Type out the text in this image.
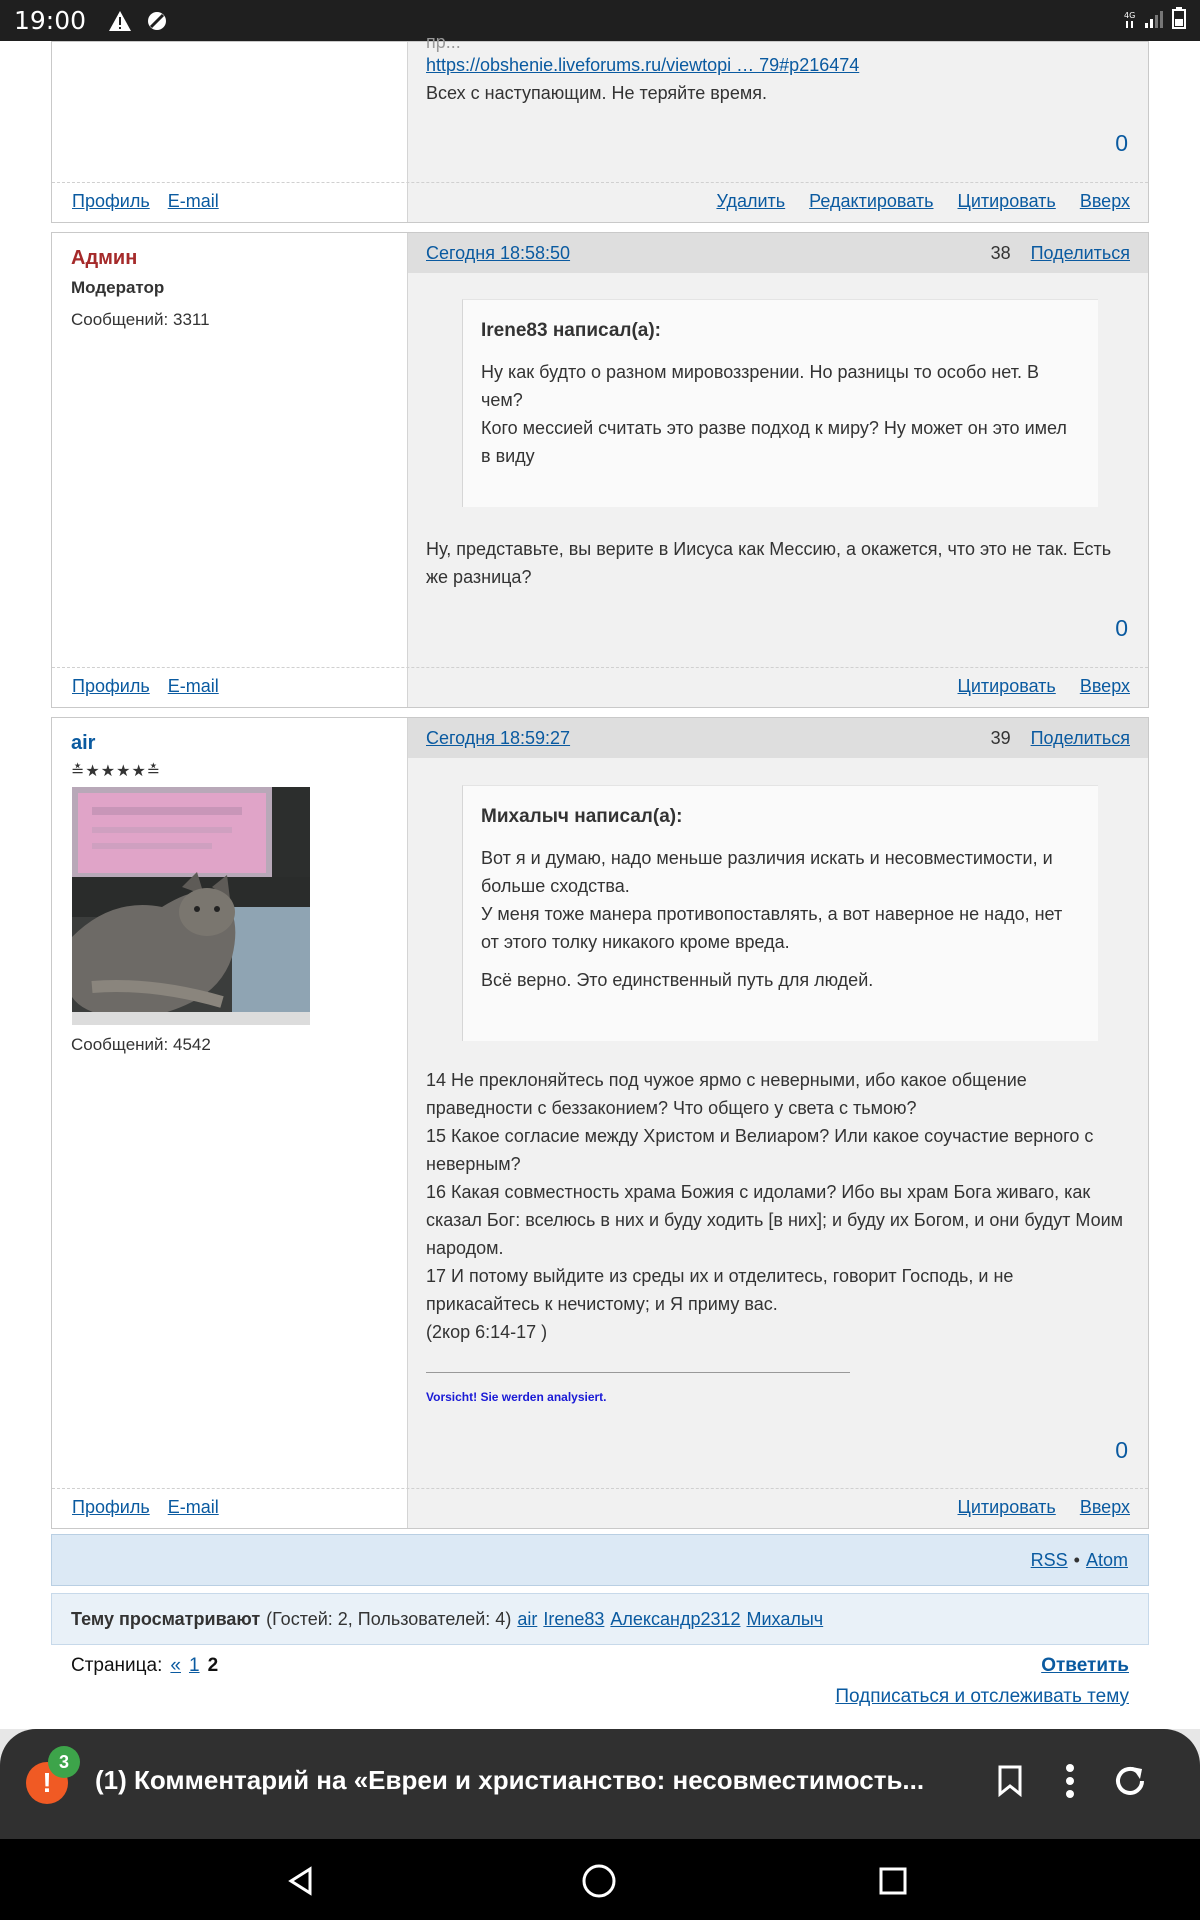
19:00	4G
пр...
https://obshenie.liveforums.ru/viewtopi … 79#p216474
Всех с наступающим. Не теряйте время.
0
Профиль E-mail	Удалить Редактировать Цитировать Вверх
Админ
Модератор
Сообщений: 3311
Сегодня 18:58:50	38 Поделиться
Irene83 написал(а):

Ну как будто о разном мировоззрении. Но разницы то особо нет. В чем?

Кого мессией считать это разве подход к миру? Ну может он это имел в виду

Ну, представьте, вы верите в Иисуса как Мессию, а окажется, что это не так. Есть же разница?
0
Профиль E-mail	Цитировать Вверх
air
≛★★★★≛
Сообщений: 4542
Сегодня 18:59:27	39 Поделиться
Михалыч написал(а):

Вот я и думаю, надо меньше различия искать и несовместимости, и больше сходства.

У меня тоже манера противопоставлять, а вот наверное не надо, нет от этого толку никакого кроме вреда.

Всё верно. Это единственный путь для людей.

14 Не преклоняйтесь под чужое ярмо с неверными, ибо какое общение праведности с беззаконием? Что общего у света с тьмою?

15 Какое согласие между Христом и Велиаром? Или какое соучастие верного с неверным?

16 Какая совместность храма Божия с идолами? Ибо вы храм Бога живаго, как сказал Бог: вселюсь в них и буду ходить [в них]; и буду их Богом, и они будут Моим народом.

17 И потому выйдите из среды их и отделитесь, говорит Господь, и не прикасайтесь к нечистому; и Я приму вас.

(2кор 6:14-17 )

Vorsicht! Sie werden analysiert.
0
Профиль E-mail	Цитировать Вверх
RSS • Atom
Тему просматривают (Гостей: 2, Пользователей: 4) air Irene83 Александр2312 Михалыч
Страница: « 1 2	Ответить
Подписаться и отслеживать тему
!
3
(1) Комментарий на «Евреи и христианство: несовместимость...
